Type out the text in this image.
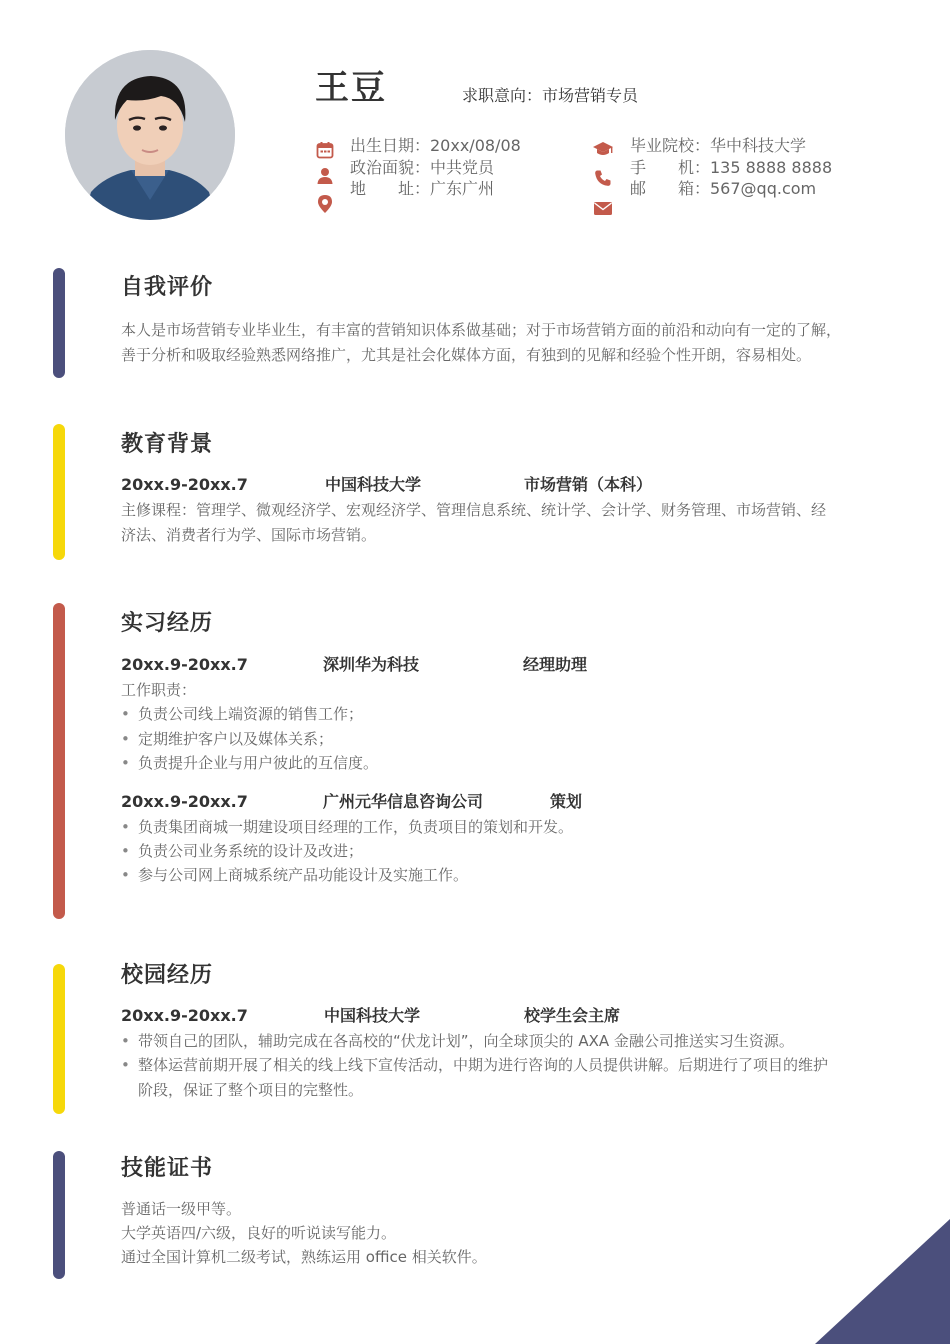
王豆	求职意向：市场营销专员
出生日期：20xx/08/08
政治面貌：中共党员
地　　址：广东广州
毕业院校：华中科技大学
手　　机：135 8888 8888
邮　　箱：567@qq.com
自我评价
本人是市场营销专业毕业生，有丰富的营销知识体系做基础；对于市场营销方面的前沿和动向有一定的了解，
善于分析和吸取经验熟悉网络推广，尤其是社会化媒体方面，有独到的见解和经验个性开朗，容易相处。
教育背景
20xx.9-20xx.7	中国科技大学	市场营销（本科）
主修课程：管理学、微观经济学、宏观经济学、管理信息系统、统计学、会计学、财务管理、市场营销、经
济法、消费者行为学、国际市场营销。
实习经历
20xx.9-20xx.7	深圳华为科技	经理助理
工作职责：
• 负责公司线上端资源的销售工作；
• 定期维护客户以及媒体关系；
• 负责提升企业与用户彼此的互信度。
20xx.9-20xx.7	广州元华信息咨询公司	策划
• 负责集团商城一期建设项目经理的工作，负责项目的策划和开发。
• 负责公司业务系统的设计及改进；
• 参与公司网上商城系统产品功能设计及实施工作。
校园经历
20xx.9-20xx.7	中国科技大学	校学生会主席
• 带领自己的团队，辅助完成在各高校的“伏龙计划”，向全球顶尖的 AXA 金融公司推送实习生资源。
• 整体运营前期开展了相关的线上线下宣传活动，中期为进行咨询的人员提供讲解。后期进行了项目的维护
阶段，保证了整个项目的完整性。
技能证书
普通话一级甲等。
大学英语四/六级，良好的听说读写能力。
通过全国计算机二级考试，熟练运用 office 相关软件。
